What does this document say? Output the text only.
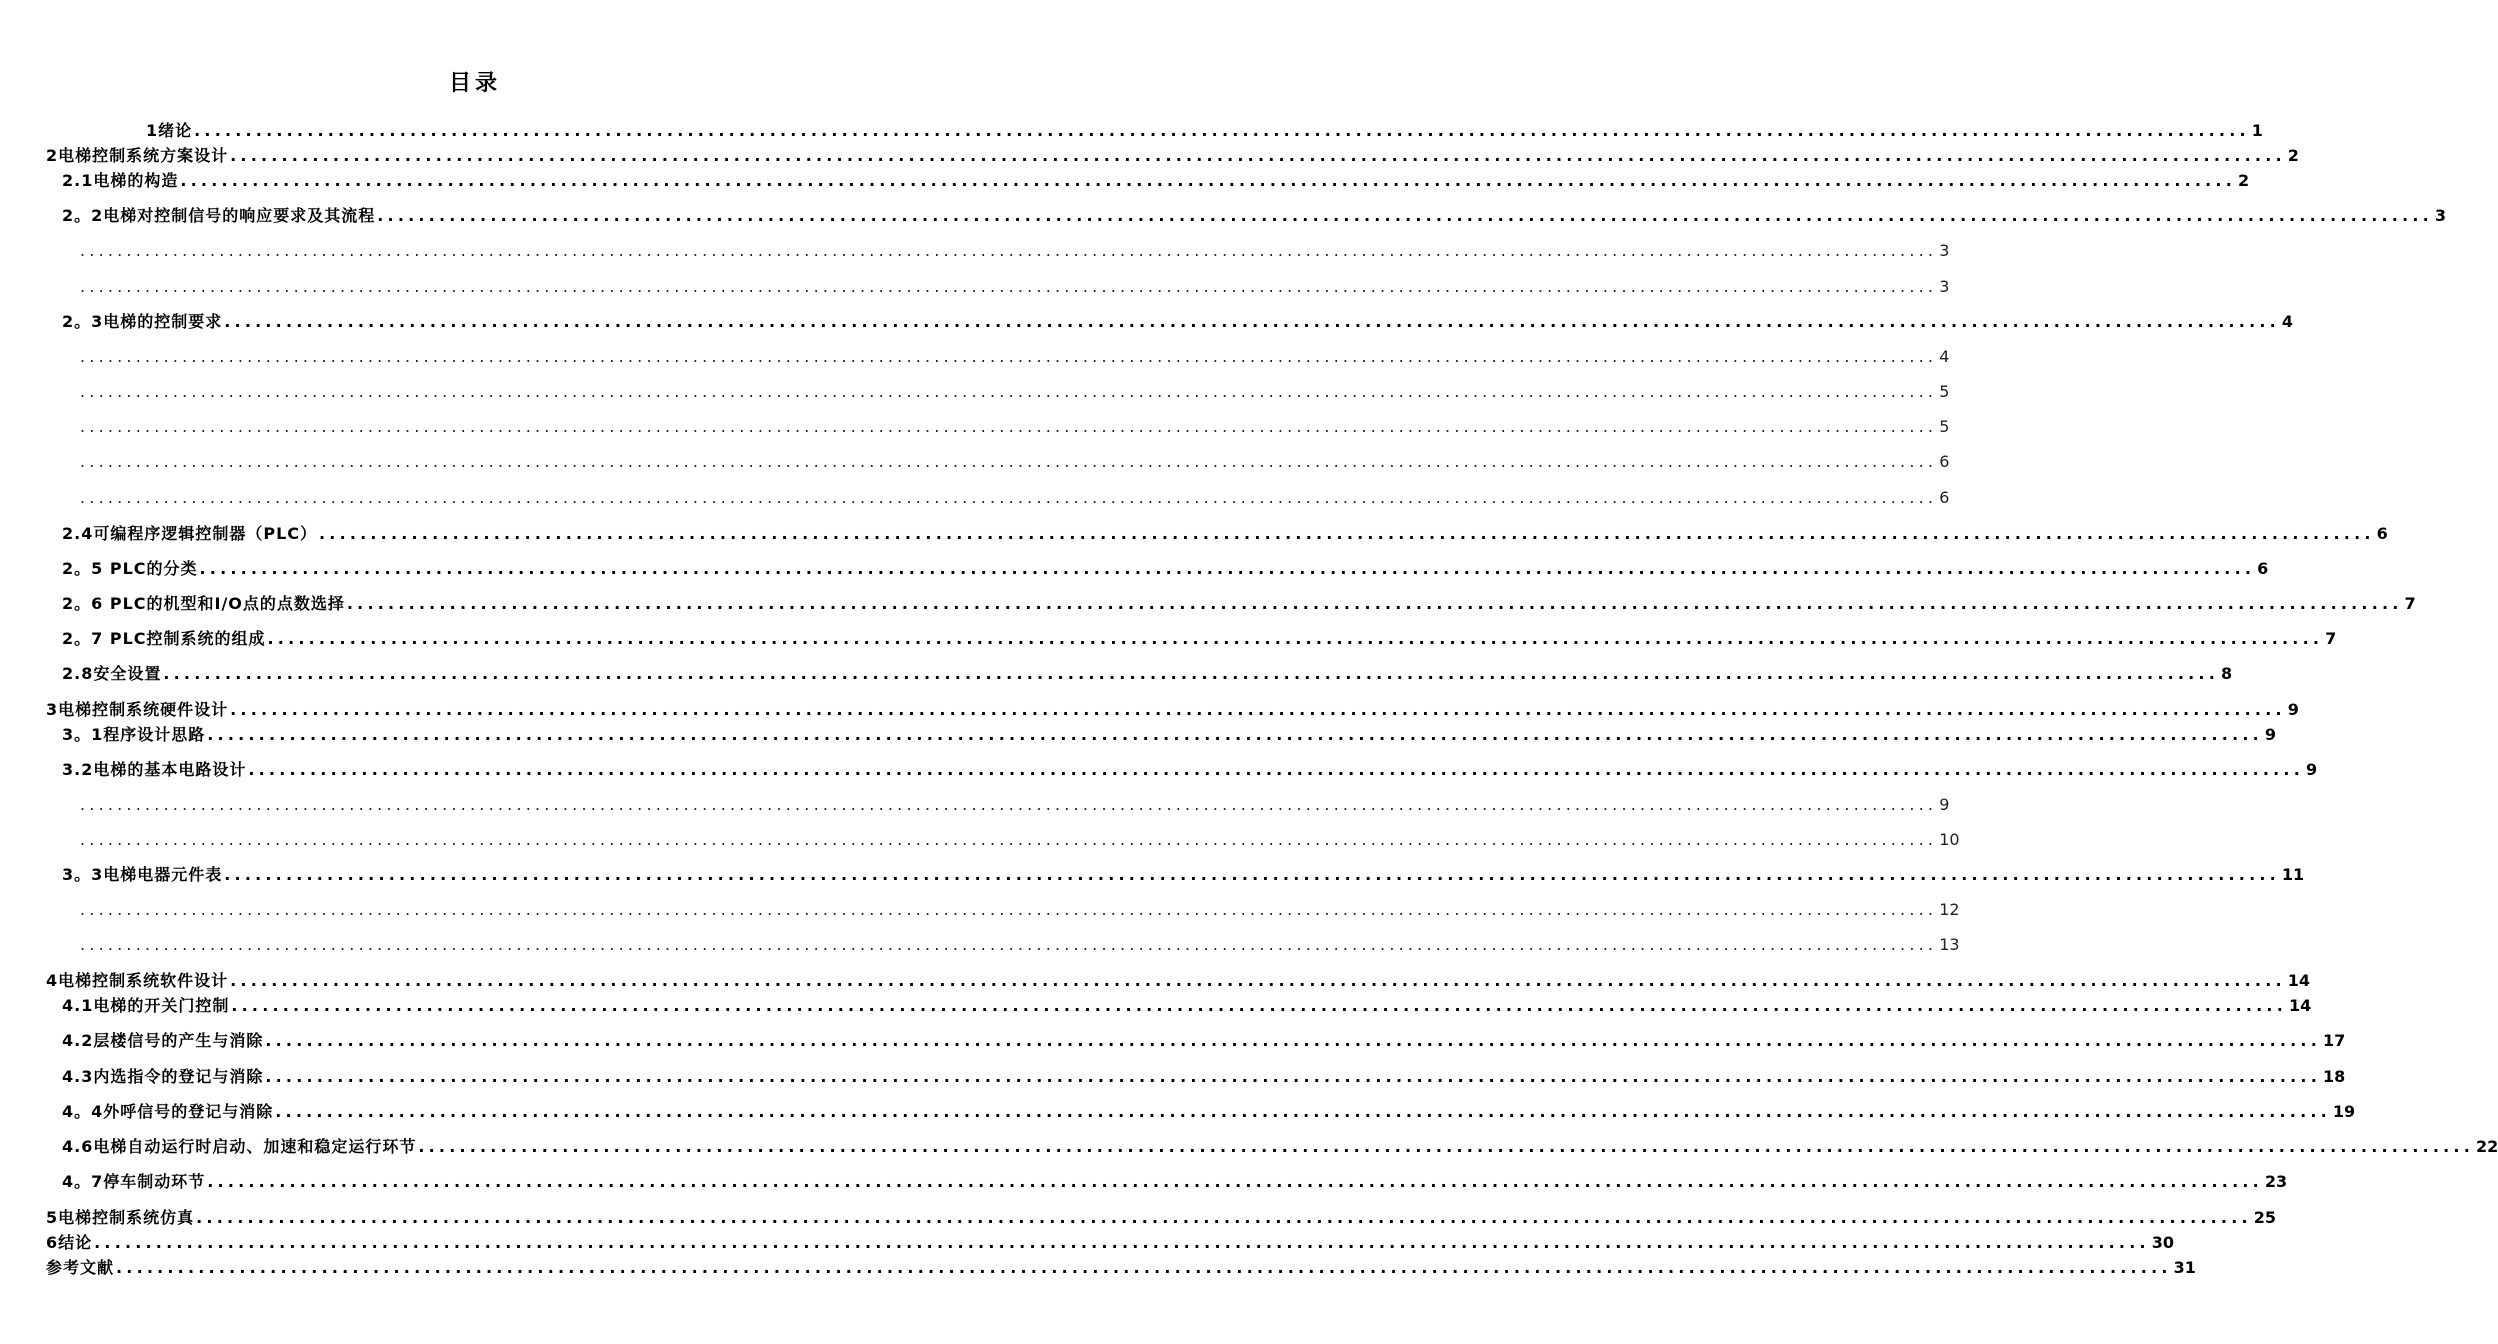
目录
1绪论 ........................................................................................................................................................................................................ 1
2电梯控制系统方案设计 ........................................................................................................................................................................................................ 2
2.1电梯的构造 ........................................................................................................................................................................................................ 2
2。2电梯对控制信号的响应要求及其流程 ........................................................................................................................................................................................................ 3
........................................................................................................................................................................................................ 3
........................................................................................................................................................................................................ 3
2。3电梯的控制要求 ........................................................................................................................................................................................................ 4
........................................................................................................................................................................................................ 4
........................................................................................................................................................................................................ 5
........................................................................................................................................................................................................ 5
........................................................................................................................................................................................................ 6
........................................................................................................................................................................................................ 6
2.4可编程序逻辑控制器（PLC） ........................................................................................................................................................................................................ 6
2。5 PLC的分类 ........................................................................................................................................................................................................ 6
2。6 PLC的机型和I/O点的点数选择 ........................................................................................................................................................................................................ 7
2。7 PLC控制系统的组成 ........................................................................................................................................................................................................ 7
2.8安全设置 ........................................................................................................................................................................................................ 8
3电梯控制系统硬件设计 ........................................................................................................................................................................................................ 9
3。1程序设计思路 ........................................................................................................................................................................................................ 9
3.2电梯的基本电路设计 ........................................................................................................................................................................................................ 9
........................................................................................................................................................................................................ 9
........................................................................................................................................................................................................ 10
3。3电梯电器元件表 ........................................................................................................................................................................................................ 11
........................................................................................................................................................................................................ 12
........................................................................................................................................................................................................ 13
4电梯控制系统软件设计 ........................................................................................................................................................................................................ 14
4.1电梯的开关门控制 ........................................................................................................................................................................................................ 14
4.2层楼信号的产生与消除 ........................................................................................................................................................................................................ 17
4.3内选指令的登记与消除 ........................................................................................................................................................................................................ 18
4。4外呼信号的登记与消除 ........................................................................................................................................................................................................ 19
4.6电梯自动运行时启动、加速和稳定运行环节 ........................................................................................................................................................................................................ 22
4。7停车制动环节 ........................................................................................................................................................................................................ 23
5电梯控制系统仿真 ........................................................................................................................................................................................................ 25
6结论 ........................................................................................................................................................................................................ 30
参考文献 ........................................................................................................................................................................................................ 31
